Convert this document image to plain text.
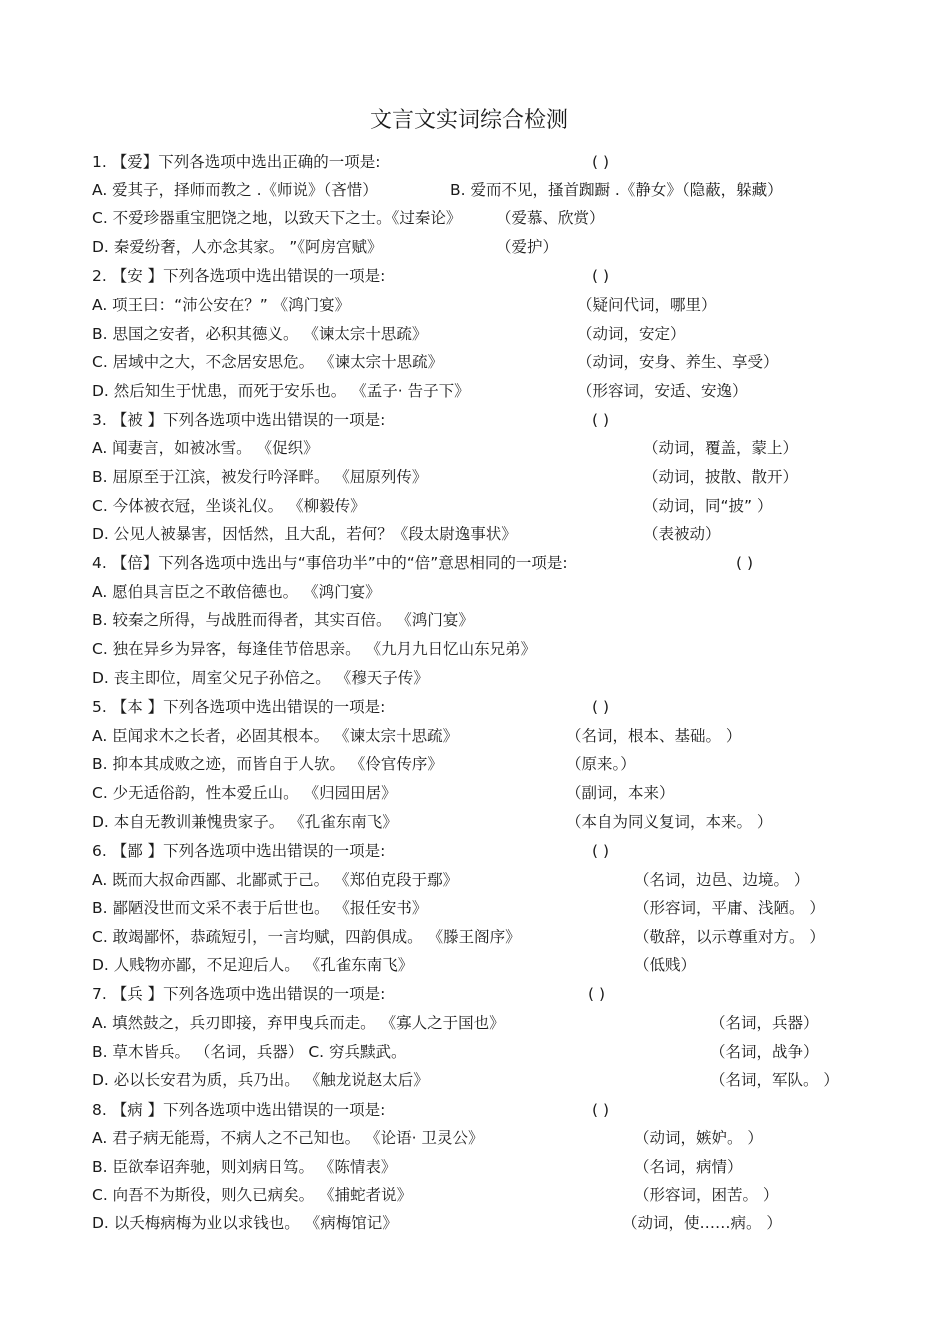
文言文实词综合检测
1. 【爱】下列各选项中选出正确的一项是:	( )
A. 爱其子，择师而教之 .《师说》（吝惜）	B. 爱而不见，搔首踟蹰 .《静女》（隐蔽，躲藏）
C. 不爱珍器重宝肥饶之地，以致天下之士。《过秦论》 （爱慕、欣赏）
D. 秦爱纷奢，人亦念其家。 ”《阿房宫赋》	（爱护）
2. 【安 】下列各选项中选出错误的一项是:	( )
A. 项王曰：“沛公安在？” 《鸿门宴》	（疑问代词，哪里）
B. 思国之安者，必积其德义。 《谏太宗十思疏》	（动词，安定）
C. 居域中之大，不念居安思危。 《谏太宗十思疏》	（动词，安身、养生、享受）
D. 然后知生于忧患，而死于安乐也。 《孟子· 告子下》	（形容词，安适、安逸）
3. 【被 】下列各选项中选出错误的一项是:	( )
A. 闻妻言，如被冰雪。 《促织》	（动词，覆盖，蒙上）
B. 屈原至于江滨，被发行吟泽畔。 《屈原列传》	（动词，披散、散开）
C. 今体被衣冠，坐谈礼仪。 《柳毅传》	（动词，同“披” ）
D. 公见人被暴害，因恬然，且大乱，若何？《段太尉逸事状》	（表被动）
4. 【倍】下列各选项中选出与“事倍功半”中的“倍”意思相同的一项是:	( )
A. 愿伯具言臣之不敢倍德也。 《鸿门宴》
B. 较秦之所得，与战胜而得者，其实百倍。 《鸿门宴》
C. 独在异乡为异客，每逢佳节倍思亲。 《九月九日忆山东兄弟》
D. 丧主即位，周室父兄子孙倍之。 《穆天子传》
5. 【本 】下列各选项中选出错误的一项是:	( )
A. 臣闻求木之长者，必固其根本。 《谏太宗十思疏》	（名词，根本、基础。 ）
B. 抑本其成败之迹，而皆自于人欤。 《伶官传序》	（原来。）
C. 少无适俗韵，性本爱丘山。 《归园田居》	（副词，本来）
D. 本自无教训兼愧贵家子。 《孔雀东南飞》	（本自为同义复词，本来。 ）
6. 【鄙 】下列各选项中选出错误的一项是:	( )
A. 既而大叔命西鄙、北鄙贰于己。 《郑伯克段于鄢》	（名词，边邑、边境。 ）
B. 鄙陋没世而文采不表于后世也。 《报任安书》	（形容词，平庸、浅陋。 ）
C. 敢竭鄙怀，恭疏短引，一言均赋，四韵俱成。 《滕王阁序》	（敬辞，以示尊重对方。 ）
D. 人贱物亦鄙，不足迎后人。 《孔雀东南飞》	（低贱）
7. 【兵 】下列各选项中选出错误的一项是:	( )
A. 填然鼓之，兵刃即接，弃甲曳兵而走。 《寡人之于国也》	（名词，兵器）
B. 草木皆兵。 （名词，兵器） C. 穷兵黩武。	（名词，战争）
D. 必以长安君为质，兵乃出。 《触龙说赵太后》	（名词，军队。 ）
8. 【病 】下列各选项中选出错误的一项是:	( )
A. 君子病无能焉，不病人之不己知也。 《论语· 卫灵公》	（动词，嫉妒。 ）
B. 臣欲奉诏奔驰，则刘病日笃。 《陈情表》	（名词，病情）
C. 向吾不为斯役，则久已病矣。 《捕蛇者说》	（形容词，困苦。 ）
D. 以夭梅病梅为业以求钱也。 《病梅馆记》	（动词，使……病。 ）
